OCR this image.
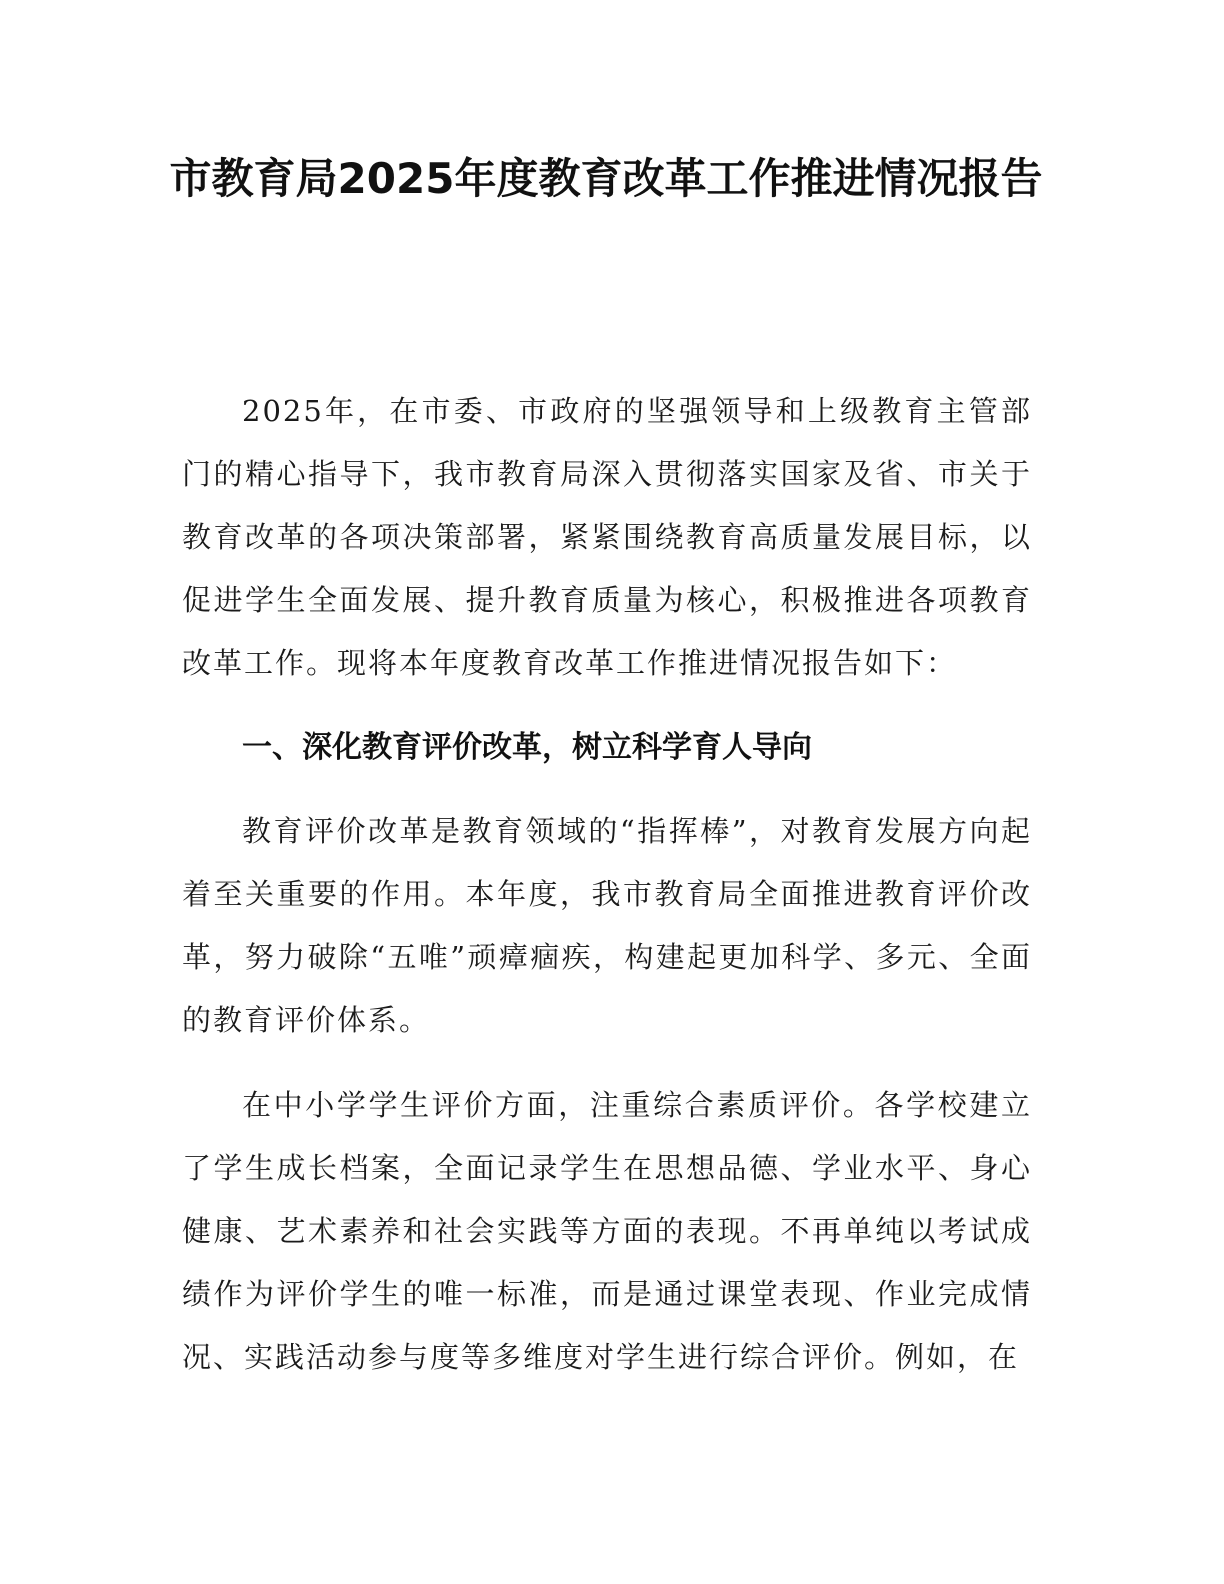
市教育局2025年度教育改革工作推进情况报告

2025年，在市委、市政府的坚强领导和上级教育主管部门的精心指导下，我市教育局深入贯彻落实国家及省、市关于教育改革的各项决策部署，紧紧围绕教育高质量发展目标，以促进学生全面发展、提升教育质量为核心，积极推进各项教育改革工作。现将本年度教育改革工作推进情况报告如下：

一、深化教育评价改革，树立科学育人导向

教育评价改革是教育领域的“指挥棒”，对教育发展方向起着至关重要的作用。本年度，我市教育局全面推进教育评价改革，努力破除“五唯”顽瘴痼疾，构建起更加科学、多元、全面的教育评价体系。

在中小学学生评价方面，注重综合素质评价。各学校建立了学生成长档案，全面记录学生在思想品德、学业水平、身心健康、艺术素养和社会实践等方面的表现。不再单纯以考试成绩作为评价学生的唯一标准，而是通过课堂表现、作业完成情况、实践活动参与度等多维度对学生进行综合评价。例如，在
